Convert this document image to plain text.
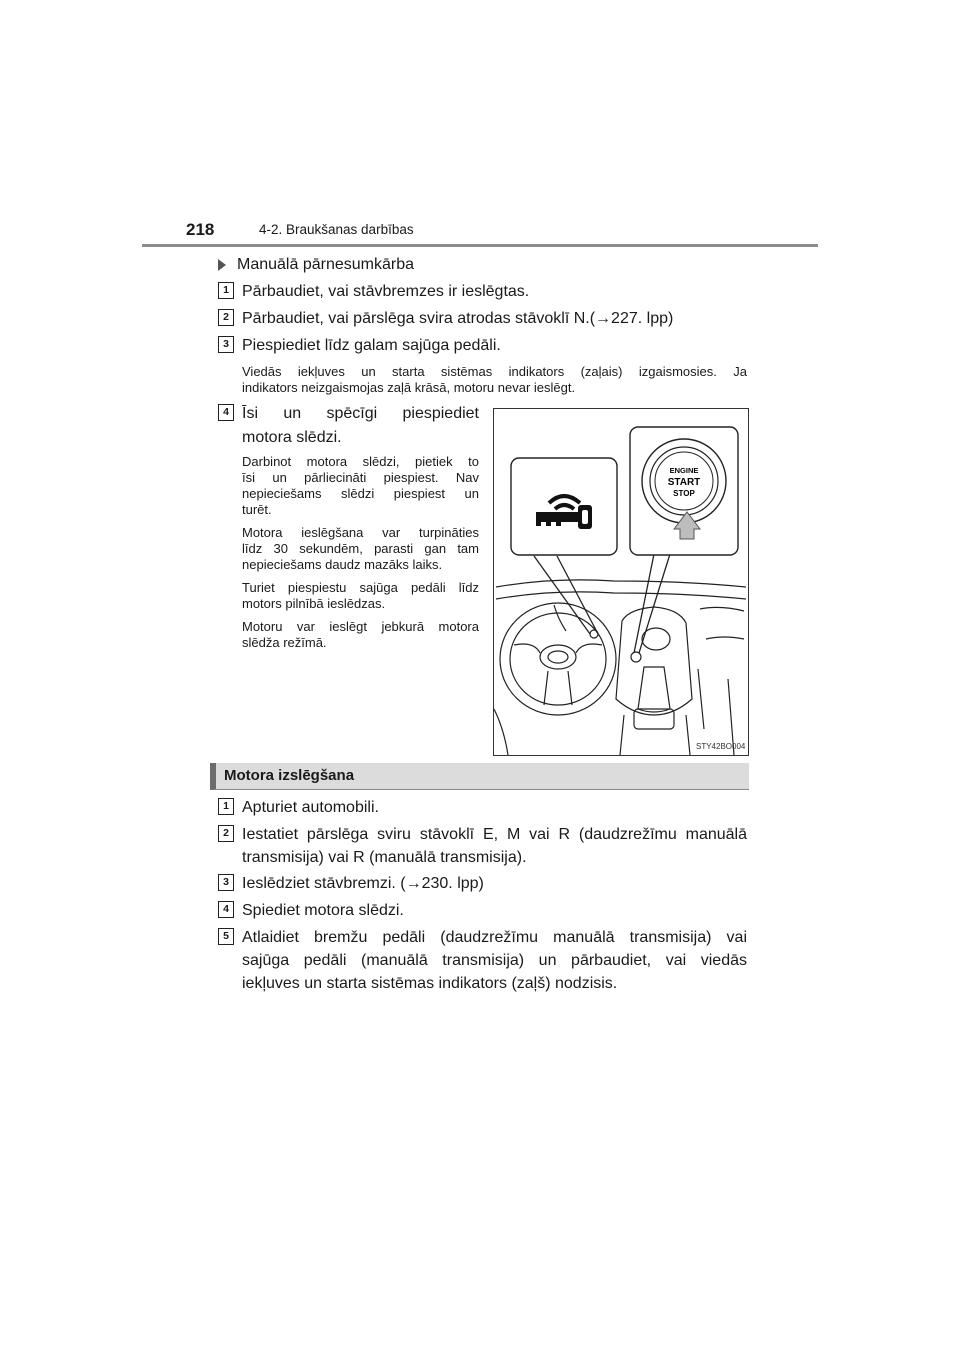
218	4-2. Braukšanas darbības
Manuālā pārnesumkārba
1 Pārbaudiet, vai stāvbremzes ir ieslēgtas.
2 Pārbaudiet, vai pārslēga svira atrodas stāvoklī N.(→227. lpp)
3 Piespiediet līdz galam sajūga pedāli.
Viedās iekļuves un starta sistēmas indikators (zaļais) izgaismosies. Ja
indikators neizgaismojas zaļā krāsā, motoru nevar ieslēgt.
4 Īsi un spēcīgi piespiediet
motora slēdzi.
Darbinot motora slēdzi, pietiek to
īsi un pārliecināti piespiest. Nav
nepieciešams slēdzi piespiest un
turēt.
Motora ieslēgšana var turpināties
līdz 30 sekundēm, parasti gan tam
nepieciešams daudz mazāks laiks.
Turiet piespiestu sajūga pedāli līdz
motors pilnībā ieslēdzas.
Motoru var ieslēgt jebkurā motora
slēdža režīmā.
ENGINE
START
STOP
STY42BO004
Motora izslēgšana
1 Apturiet automobili.
2 Iestatiet pārslēga sviru stāvoklī E, M vai R (daudzrežīmu manuālā
transmisija) vai R (manuālā transmisija).
3 Ieslēdziet stāvbremzi. (→230. lpp)
4 Spiediet motora slēdzi.
5 Atlaidiet bremžu pedāli (daudzrežīmu manuālā transmisija) vai
sajūga pedāli (manuālā transmisija) un pārbaudiet, vai viedās
iekļuves un starta sistēmas indikators (zaļš) nodzisis.
